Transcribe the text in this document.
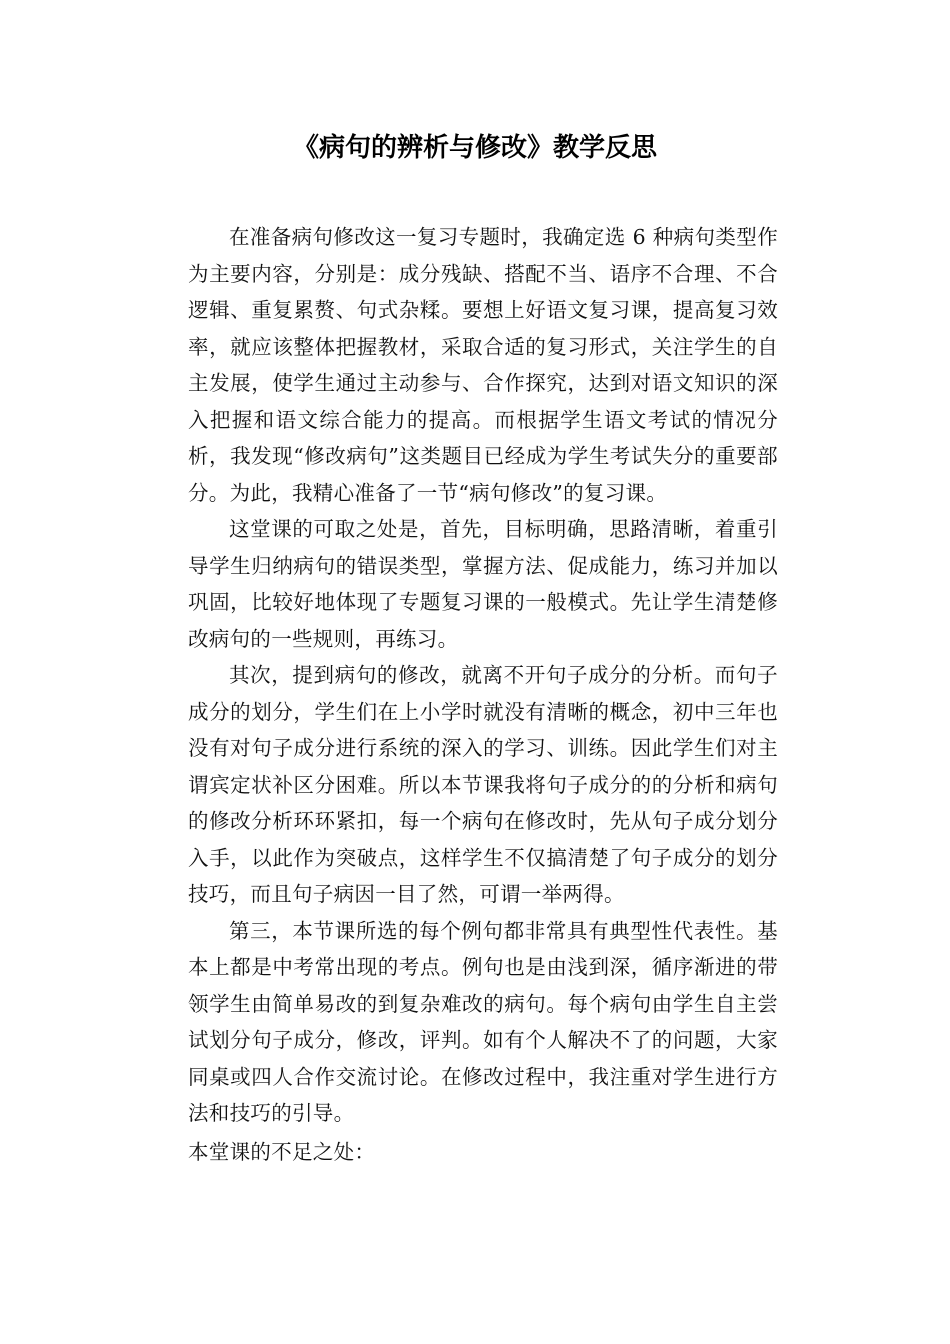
《病句的辨析与修改》教学反思

在准备病句修改这一复习专题时，我确定选 6 种病句类型作为主要内容，分别是：成分残缺、搭配不当、语序不合理、不合逻辑、重复累赘、句式杂糅。要想上好语文复习课，提高复习效率，就应该整体把握教材，采取合适的复习形式，关注学生的自主发展，使学生通过主动参与、合作探究，达到对语文知识的深入把握和语文综合能力的提高。而根据学生语文考试的情况分析，我发现“修改病句”这类题目已经成为学生考试失分的重要部分。为此，我精心准备了一节“病句修改”的复习课。

这堂课的可取之处是，首先，目标明确，思路清晰，着重引导学生归纳病句的错误类型，掌握方法、促成能力，练习并加以巩固，比较好地体现了专题复习课的一般模式。先让学生清楚修改病句的一些规则，再练习。

其次，提到病句的修改，就离不开句子成分的分析。而句子成分的划分，学生们在上小学时就没有清晰的概念，初中三年也没有对句子成分进行系统的深入的学习、训练。因此学生们对主谓宾定状补区分困难。所以本节课我将句子成分的的分析和病句的修改分析环环紧扣，每一个病句在修改时，先从句子成分划分入手，以此作为突破点，这样学生不仅搞清楚了句子成分的划分技巧，而且句子病因一目了然，可谓一举两得。

第三，本节课所选的每个例句都非常具有典型性代表性。基本上都是中考常出现的考点。例句也是由浅到深，循序渐进的带领学生由简单易改的到复杂难改的病句。每个病句由学生自主尝试划分句子成分，修改，评判。如有个人解决不了的问题，大家同桌或四人合作交流讨论。在修改过程中，我注重对学生进行方法和技巧的引导。

本堂课的不足之处：
